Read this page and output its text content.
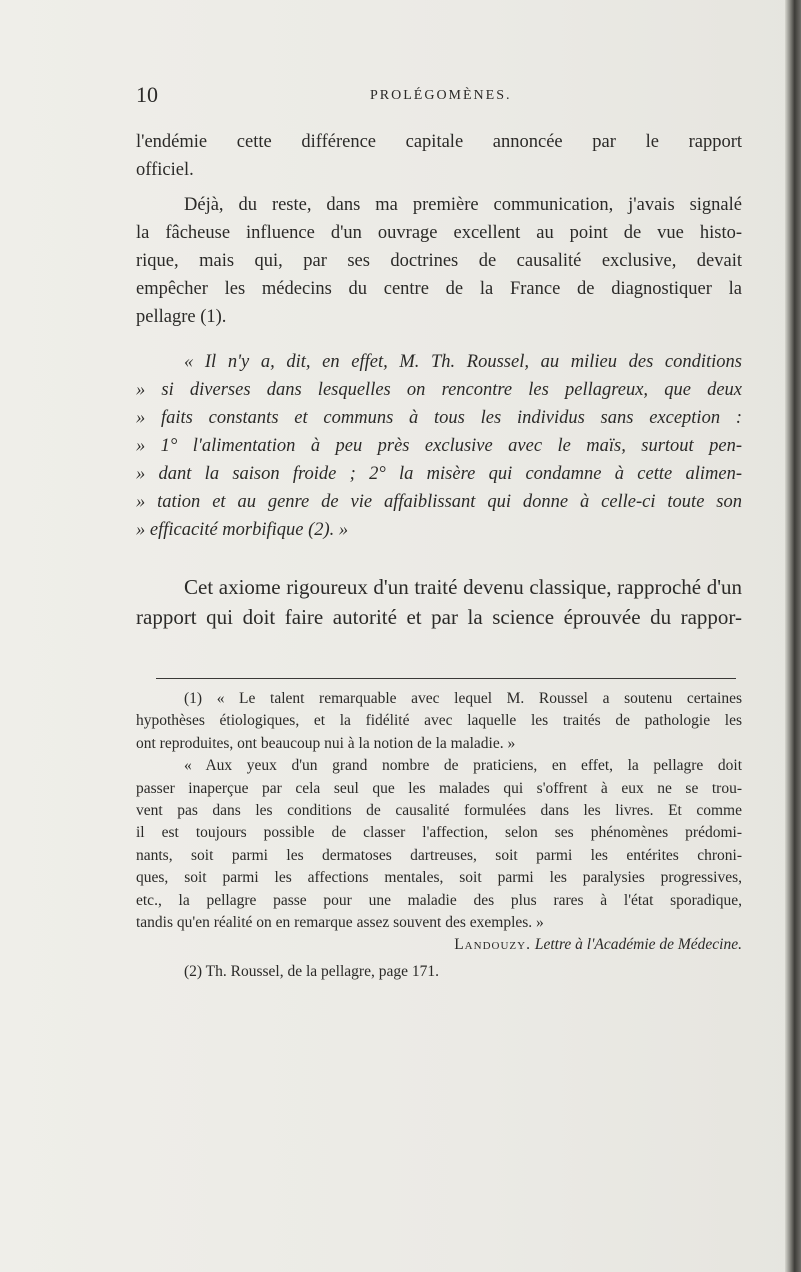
10	PROLÉGOMÈNES.
l'endémie cette différence capitale annoncée par le rapport
officiel.
Déjà, du reste, dans ma première communication, j'avais signalé
la fâcheuse influence d'un ouvrage excellent au point de vue histo-
rique, mais qui, par ses doctrines de causalité exclusive, devait
empêcher les médecins du centre de la France de diagnostiquer la
pellagre (1).
« Il n'y a, dit, en effet, M. Th. Roussel, au milieu des conditions
» si diverses dans lesquelles on rencontre les pellagreux, que deux
» faits constants et communs à tous les individus sans exception :
» 1° l'alimentation à peu près exclusive avec le maïs, surtout pen-
» dant la saison froide ; 2° la misère qui condamne à cette alimen-
» tation et au genre de vie affaiblissant qui donne à celle-ci toute son
» efficacité morbifique (2). »
Cet axiome rigoureux d'un traité devenu classique, rapproché d'un
rapport qui doit faire autorité et par la science éprouvée du rappor-
(1) « Le talent remarquable avec lequel M. Roussel a soutenu certaines
hypothèses étiologiques, et la fidélité avec laquelle les traités de pathologie les
ont reproduites, ont beaucoup nui à la notion de la maladie. »
« Aux yeux d'un grand nombre de praticiens, en effet, la pellagre doit
passer inaperçue par cela seul que les malades qui s'offrent à eux ne se trou-
vent pas dans les conditions de causalité formulées dans les livres. Et comme
il est toujours possible de classer l'affection, selon ses phénomènes prédomi-
nants, soit parmi les dermatoses dartreuses, soit parmi les entérites chroni-
ques, soit parmi les affections mentales, soit parmi les paralysies progressives,
etc., la pellagre passe pour une maladie des plus rares à l'état sporadique,
tandis qu'en réalité on en remarque assez souvent des exemples. »
Landouzy. Lettre à l'Académie de Médecine.
(2) Th. Roussel, de la pellagre, page 171.
